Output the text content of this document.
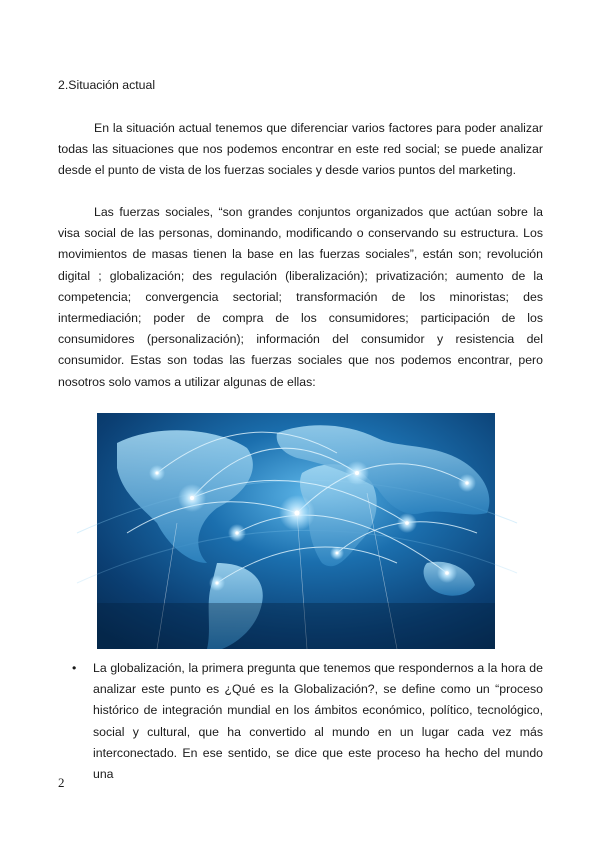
2.Situación actual

En la situación actual tenemos que diferenciar varios factores para poder analizar todas las situaciones que nos podemos encontrar en este red social; se puede analizar desde el punto de vista de los fuerzas sociales y desde varios puntos del marketing.

Las fuerzas sociales, “son grandes conjuntos organizados que actúan sobre la visa social de las personas, dominando, modificando o conservando su estructura. Los movimientos de masas tienen la base en las fuerzas sociales”, están son; revolución digital ; globalización; des regulación (liberalización); privatización; aumento de la competencia; convergencia sectorial; transformación de los minoristas; des intermediación; poder de compra de los consumidores; participación de los consumidores (personalización); información del consumidor y resistencia del consumidor. Estas son todas las fuerzas sociales que nos podemos encontrar, pero nosotros solo vamos a utilizar algunas de ellas:

• La globalización, la primera pregunta que tenemos que respondernos a la hora de analizar este punto es ¿Qué es la Globalización?, se define como un “proceso histórico de integración mundial en los ámbitos económico, político, tecnológico, social y cultural, que ha convertido al mundo en un lugar cada vez más interconectado. En ese sentido, se dice que este proceso ha hecho del mundo una

2
